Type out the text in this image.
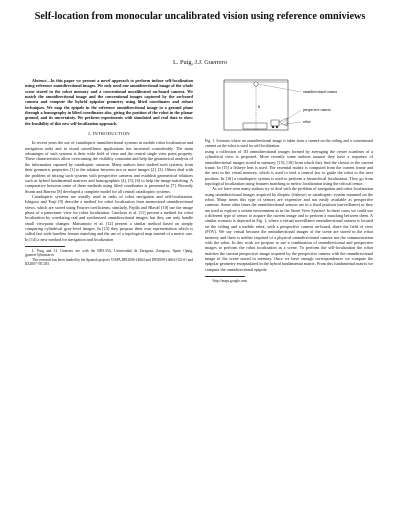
Self-location from monocular uncalibrated vision using reference omniviews
L. Puig, J.J. Guerrero

Abstract—In this paper we present a novel approach to perform indoor self-localization using reference omnidirectional images. We only need one omnidirectional image of the whole scene stored in the robot memory and a conventional uncalibrated on-board camera. We match the omnidirectional image and the conventional images captured by the on-board camera and compute the hybrid epipolar geometry using lifted coordinates and robust techniques. We map the epipole in the reference omnidirectional image to a ground plane through a homography in lifted coordinates also, giving the position of the robot in the planar ground, and its uncertainty. We perform experiments with simulated and real data to show the feasibility of this new self-localization approach.

I. INTRODUCTION

In recent years the use of catadioptric omnidirectional systems in mobile robot localization and navigation tasks and in visual surveillance applications has increased considerably. The main advantages of such systems is their wide field of view and the central single view point property. These characteristics allow overcoming the visibility constraint and help the geometrical analysis of the information captured by catadioptric cameras. Many authors have studied such systems, from their geometric properties [1] to the relation between two or more images [2], [3]. Others deal with the problem of mixing such systems with perspective cameras and establish geometrical relations such as hybrid fundamental matrices and homographies [4], [5], [6] to help the image matching. A comparative between some of these methods using lifted coordinates is presented in [7]. Recently Sturm and Barreto [8] developed a complete model for all central catadioptric systems.

Catadioptric systems are usually used in tasks of robot navigation and self-localization. Ishiguro and Tsuji [9] describe a method for robot localization from memorized omnidirectional views, which are stored using Fourier coefficients; similarly, Pajdla and Hlaváč [10] use the image phase of a panoramic view for robot localization. Cauchois et al. [11] present a method for robot localization by correlating real and synthesized omnidirectional images, but they can only handle small viewpoint changes. Matsumoto et al. [12] present a similar method based on simply comparing cylindrical gray-level images. In [13] they propose their own representation which is called fast wide baseline feature matching and the use of a topological map instead of a metric one. In [14] a new method for navigation and localization

L. Puig and J.J. Guerrero are with the DIIS-I3A, Universidad de Zaragoza, Zaragoza, Spain {lpuig, jguerrer}@unizar.es

This research has been funded by the Spanish projects VISPA DPI2006-14664 and DPI2009-14664-C02-01 and IIZ2007-TIC035.

h
omnidirectional camera
perspective camera
robot
Fig. 1. Scenario where an omnidirectional image is taken from a camera on the ceiling and a conventional camera on the robot is used for self-localization.

using a collection of 1D omnidirectional images formed by averaging the center scanlines of a cylindrical view is proposed. More recently some authors assume they have a sequence of omnidirectional images stored in memory, [15], [16] from which they find the closest to the current frame. In [15] a fisheye lens is used. The essential matrix is computed from the current frame and the next in the visual memory, which is used to feed a control law to guide the robot to the next position. In [16] a catadioptric system is used to perform a hierarchical localization. They go from topological localization using features matching to metric localization using the trifocal tensor.

As we have seen many authors try to deal with the problem of navigation and robot localization using omnidirectional images acquired by dioptric (fisheye) or catadioptric system mounted on the robot. Many times this type of sensors are expensive and not easily available as perspective cameras. Some other times the omnidirectional sensors are in a fixed position (surveillance) or they are used to explore a certain environment as in the Street View System¹. In these cases we could use a different type of sensor to acquire the current image and to perform a matching between them. A similar scenario is depicted in Fig. 1, where a virtual surveillance omnidirectional camera is located on the ceiling and a mobile robot, with a perspective camera on-board, share the field of view (FOV). We say virtual because the omnidirectional images of the scene are stored in the robot memory and there is neither required of a physical omnidirectional camera nor the communication with the robot. In this work we propose to use a combination of omnidirectional and perspective images to perform the robot localization in a scene. To perform the self-localization the robot matches the current perspective image acquired by the perspective camera with the omnidirectional image of the scene stored in memory. Once we have enough correspondences we compute the epipolar geometry encapsulated in the hybrid fundamental matrix. From this fundamental matrix we compute the omnidirectional epipola

¹http://maps.google.com
